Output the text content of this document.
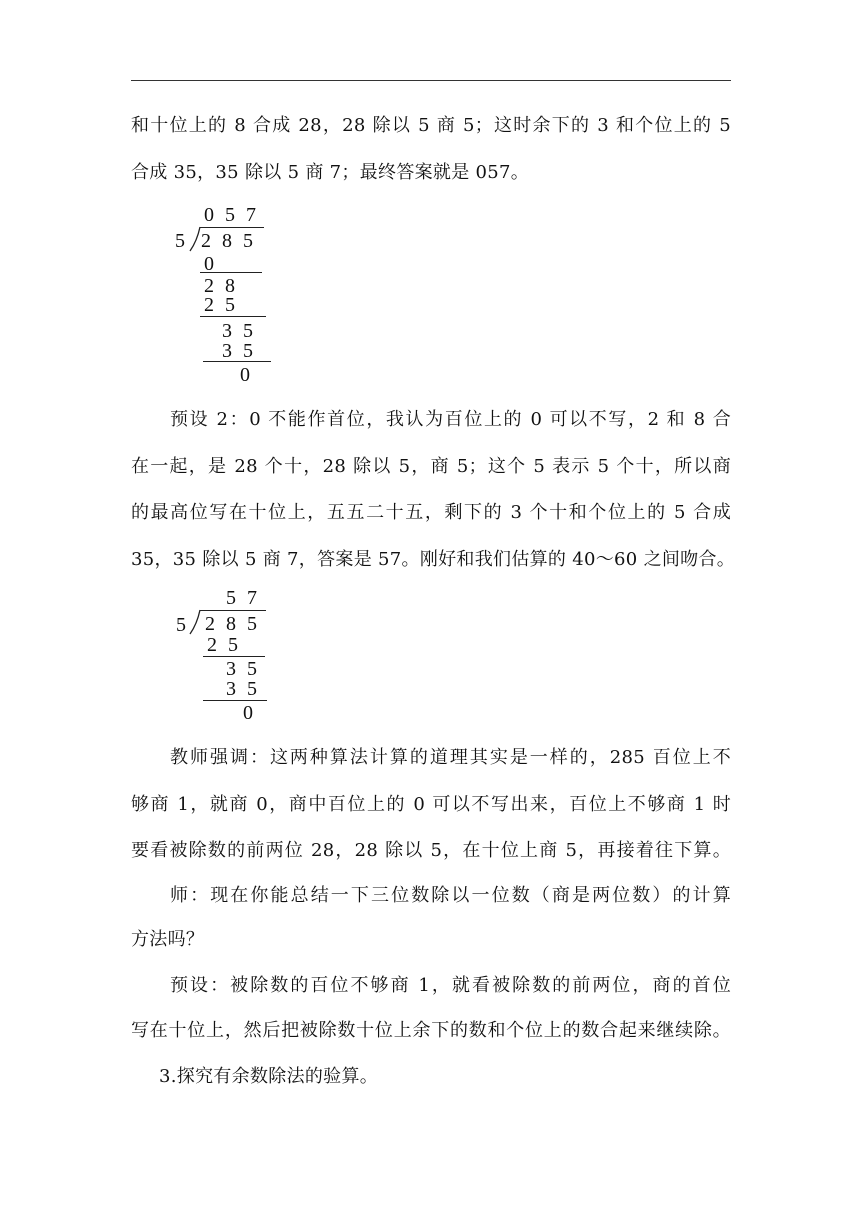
和十位上的 8 合成 28，28 除以 5 商 5；这时余下的 3 和个位上的 5
合成 35，35 除以 5 商 7；最终答案就是 057。
0 5 7
5 2 8 5
0
2 8
2 5
3 5
3 5
0
预设 2：0 不能作首位，我认为百位上的 0 可以不写，2 和 8 合
在一起，是 28 个十，28 除以 5，商 5；这个 5 表示 5 个十，所以商
的最高位写在十位上，五五二十五，剩下的 3 个十和个位上的 5 合成
35，35 除以 5 商 7，答案是 57。刚好和我们估算的 40～60 之间吻合。
5 7
5 2 8 5
2 5
3 5
3 5
0
教师强调：这两种算法计算的道理其实是一样的，285 百位上不
够商 1，就商 0，商中百位上的 0 可以不写出来，百位上不够商 1 时
要看被除数的前两位 28，28 除以 5，在十位上商 5，再接着往下算。
师：现在你能总结一下三位数除以一位数（商是两位数）的计算
方法吗？
预设：被除数的百位不够商 1，就看被除数的前两位，商的首位
写在十位上，然后把被除数十位上余下的数和个位上的数合起来继续除。
3.探究有余数除法的验算。
